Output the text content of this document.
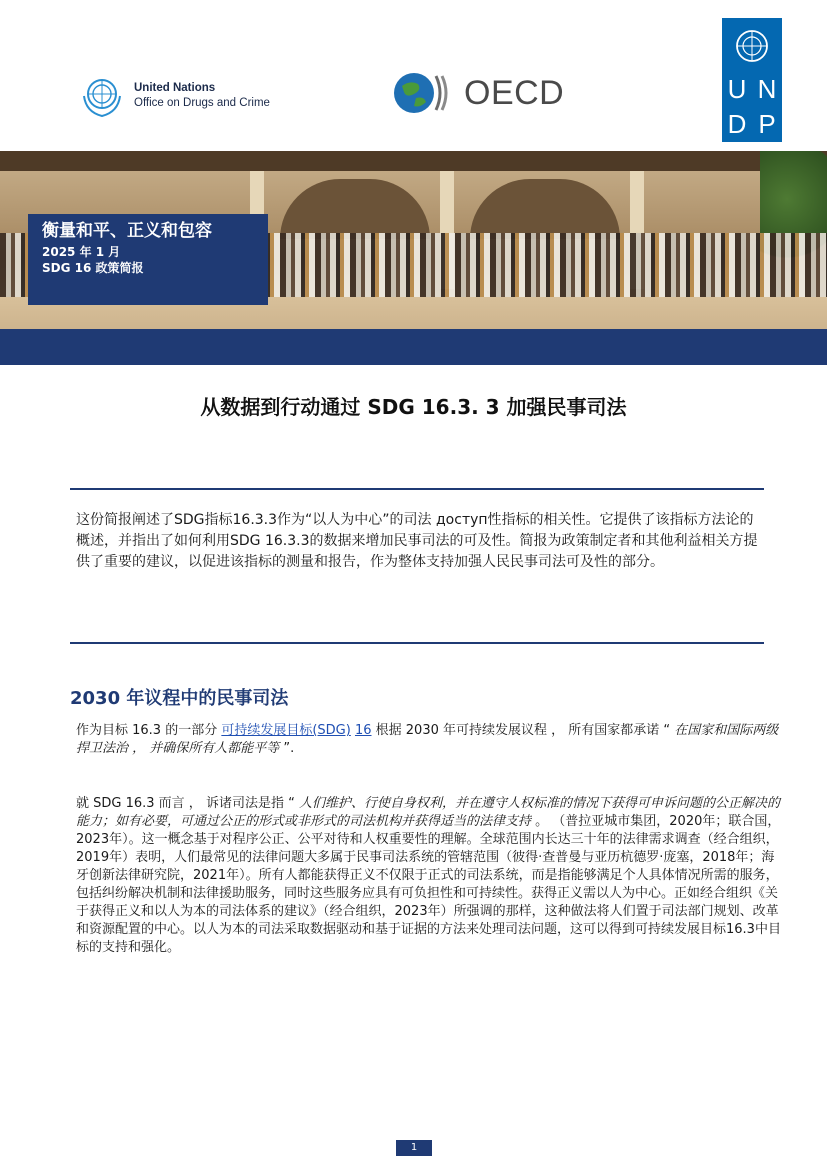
United Nations
Office on Drugs and Crime	OECD	U N
D P

衡量和平、正义和包容

2025 年 1 月
SDG 16 政策简报
从数据到行动通过 SDG 16.3. 3 加强民事司法

这份简报阐述了SDG指标16.3.3作为“以人为中心”的司法 доступ性指标的相关性。它提供了该指标方法论的概述，并指出了如何利用SDG 16.3.3的数据来增加民事司法的可及性。简报为政策制定者和其他利益相关方提供了重要的建议，以促进该指标的测量和报告，作为整体支持加强人民民事司法可及性的部分。

2030 年议程中的民事司法

作为目标 16.3 的一部分 可持续发展目标(SDG) 16 根据 2030 年可持续发展议程 ， 所有国家都承诺 “ 在国家和国际两级捍卫法治 ， 并确保所有人都能平等 ”.

就 SDG 16.3 而言 ， 诉诸司法是指 “ 人们维护、行使自身权利，并在遵守人权标准的情况下获得可申诉问题的公正解决的能力；如有必要，可通过公正的形式或非形式的司法机构并获得适当的法律支持 。 （普拉亚城市集团，2020年；联合国，2023年）。这一概念基于对程序公正、公平对待和人权重要性的理解。全球范围内长达三十年的法律需求调查（经合组织，2019年）表明，人们最常见的法律问题大多属于民事司法系统的管辖范围（彼得·查普曼与亚历杭德罗·庞塞，2018年；海牙创新法律研究院，2021年）。所有人都能获得正义不仅限于正式的司法系统，而是指能够满足个人具体情况所需的服务，包括纠纷解决机制和法律援助服务，同时这些服务应具有可负担性和可持续性。获得正义需以人为中心。正如经合组织《关于获得正义和以人为本的司法体系的建议》（经合组织，2023年）所强调的那样，这种做法将人们置于司法部门规划、改革和资源配置的中心。以人为本的司法采取数据驱动和基于证据的方法来处理司法问题，这可以得到可持续发展目标16.3中目标的支持和强化。

1
